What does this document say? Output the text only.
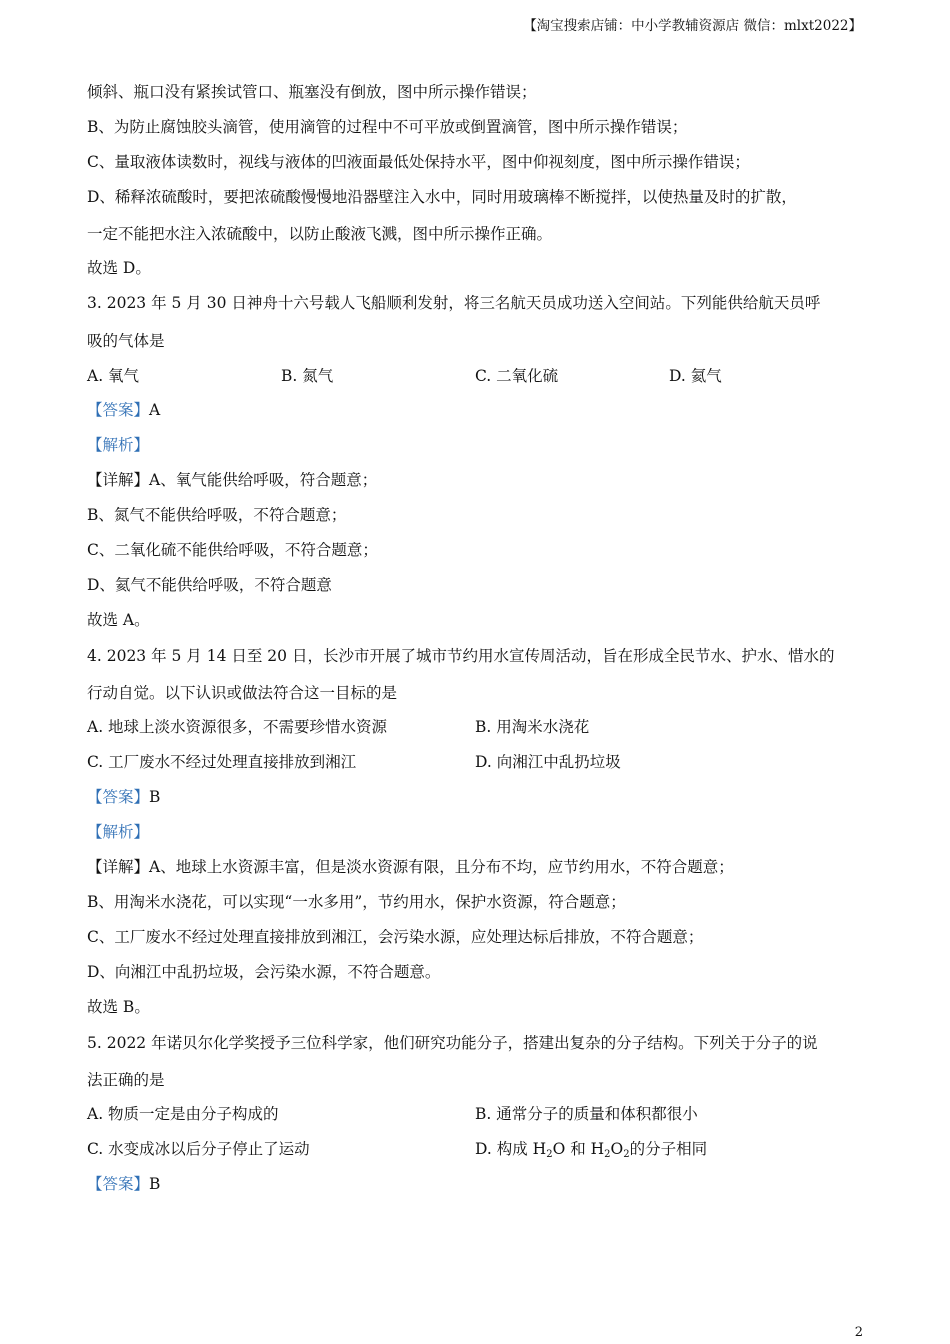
【淘宝搜索店铺：中小学教辅资源店 微信：mlxt2022】
倾斜、瓶口没有紧挨试管口、瓶塞没有倒放，图中所示操作错误；
B、为防止腐蚀胶头滴管，使用滴管的过程中不可平放或倒置滴管，图中所示操作错误；
C、量取液体读数时，视线与液体的凹液面最低处保持水平，图中仰视刻度，图中所示操作错误；
D、稀释浓硫酸时，要把浓硫酸慢慢地沿器壁注入水中，同时用玻璃棒不断搅拌，以使热量及时的扩散，
一定不能把水注入浓硫酸中，以防止酸液飞溅，图中所示操作正确。
故选 D。
3. 2023 年 5 月 30 日神舟十六号载人飞船顺利发射，将三名航天员成功送入空间站。下列能供给航天员呼
吸的气体是
A. 氧气	B. 氮气	C. 二氧化硫	D. 氦气
【答案】A
【解析】
【详解】A、氧气能供给呼吸，符合题意；
B、氮气不能供给呼吸，不符合题意；
C、二氧化硫不能供给呼吸，不符合题意；
D、氦气不能供给呼吸，不符合题意
故选 A。
4. 2023 年 5 月 14 日至 20 日，长沙市开展了城市节约用水宣传周活动，旨在形成全民节水、护水、惜水的
行动自觉。以下认识或做法符合这一目标的是
A. 地球上淡水资源很多，不需要珍惜水资源	B. 用淘米水浇花
C. 工厂废水不经过处理直接排放到湘江	D. 向湘江中乱扔垃圾
【答案】B
【解析】
【详解】A、地球上水资源丰富，但是淡水资源有限，且分布不均，应节约用水，不符合题意；
B、用淘米水浇花，可以实现“一水多用”，节约用水，保护水资源，符合题意；
C、工厂废水不经过处理直接排放到湘江，会污染水源，应处理达标后排放，不符合题意；
D、向湘江中乱扔垃圾，会污染水源，不符合题意。
故选 B。
5. 2022 年诺贝尔化学奖授予三位科学家，他们研究功能分子，搭建出复杂的分子结构。下列关于分子的说
法正确的是
A. 物质一定是由分子构成的	B. 通常分子的质量和体积都很小
C. 水变成冰以后分子停止了运动	D. 构成 $H_2O$ 和 $H_2O_2$的分子相同
【答案】B
2
